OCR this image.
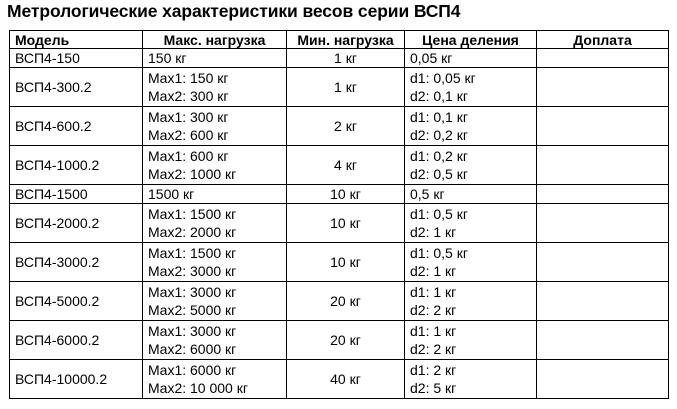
Метрологические характеристики весов серии ВСП4
Модель	Макс. нагрузка	Мин. нагрузка	Цена деления	Доплата
ВСП4-150	150 кг	1 кг	0,05 кг	

ВСП4-300.2	Max1: 150 кг
Max2: 300 кг	1 кг	d1: 0,05 кг
d2: 0,1 кг	

ВСП4-600.2	Max1: 300 кг
Max2: 600 кг	2 кг	d1: 0,1 кг
d2: 0,2 кг	

ВСП4-1000.2	Max1: 600 кг
Max2: 1000 кг	4 кг	d1: 0,2 кг
d2: 0,5 кг	

ВСП4-1500	1500 кг	10 кг	0,5 кг	

ВСП4-2000.2	Max1: 1500 кг
Max2: 2000 кг	10 кг	d1: 0,5 кг
d2: 1 кг	

ВСП4-3000.2	Max1: 1500 кг
Max2: 3000 кг	10 кг	d1: 0,5 кг
d2: 1 кг	

ВСП4-5000.2	Max1: 3000 кг
Max2: 5000 кг	20 кг	d1: 1 кг
d2: 2 кг	

ВСП4-6000.2	Max1: 3000 кг
Max2: 6000 кг	20 кг	d1: 1 кг
d2: 2 кг	

ВСП4-10000.2	Max1: 6000 кг
Max2: 10 000 кг	40 кг	d1: 2 кг
d2: 5 кг	
